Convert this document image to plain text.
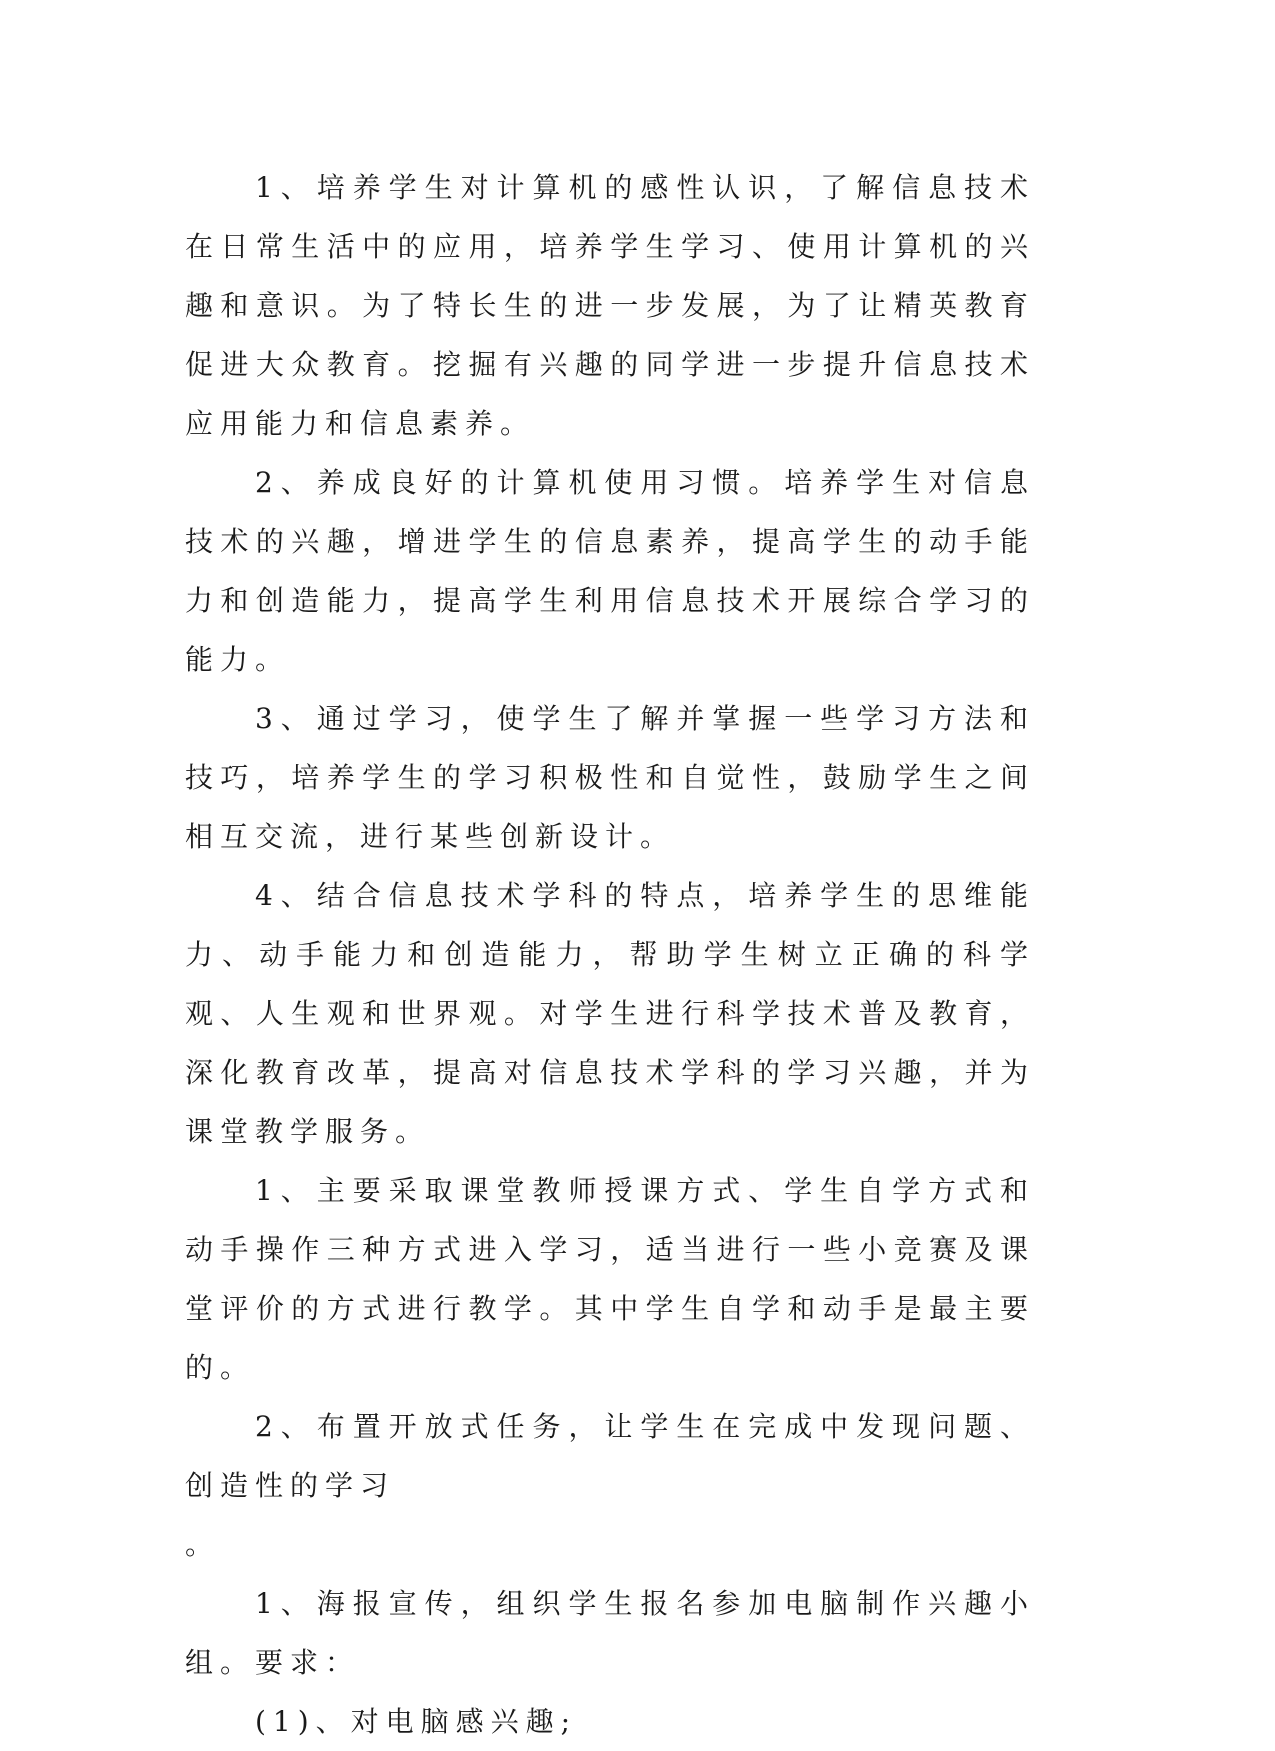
1、培养学生对计算机的感性认识，了解信息技术在日常生活中的应用，培养学生学习、使用计算机的兴趣和意识。为了特长生的进一步发展，为了让精英教育促进大众教育。挖掘有兴趣的同学进一步提升信息技术应用能力和信息素养。

2、养成良好的计算机使用习惯。培养学生对信息技术的兴趣，增进学生的信息素养，提高学生的动手能力和创造能力，提高学生利用信息技术开展综合学习的能力。

3、通过学习，使学生了解并掌握一些学习方法和技巧，培养学生的学习积极性和自觉性，鼓励学生之间相互交流，进行某些创新设计。

4、结合信息技术学科的特点，培养学生的思维能力、动手能力和创造能力，帮助学生树立正确的科学观、人生观和世界观。对学生进行科学技术普及教育，深化教育改革，提高对信息技术学科的学习兴趣，并为课堂教学服务。

1、主要采取课堂教师授课方式、学生自学方式和动手操作三种方式进入学习，适当进行一些小竞赛及课堂评价的方式进行教学。其中学生自学和动手是最主要的。

2、布置开放式任务，让学生在完成中发现问题、创造性的学习

。

1、海报宣传，组织学生报名参加电脑制作兴趣小组。要求：

(1)、对电脑感兴趣;
